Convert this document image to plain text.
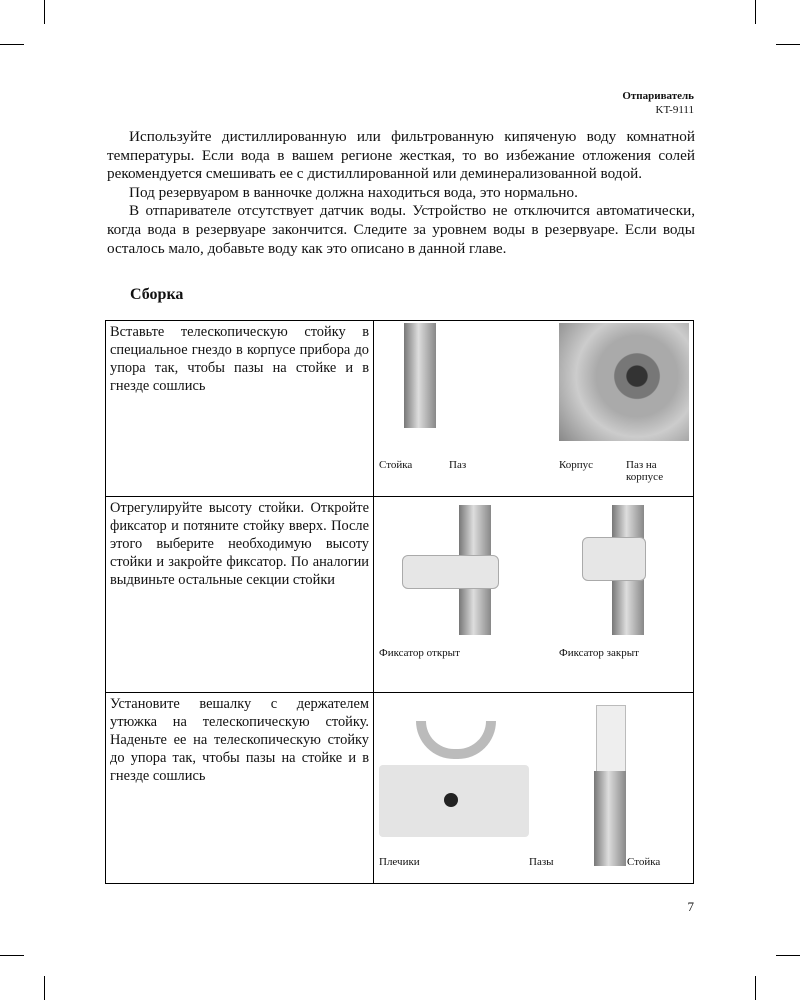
Отпариватель
KT-9111

Используйте дистиллированную или фильтрованную кипяченую воду комнатной температуры. Если вода в вашем регионе жесткая, то во избежание отложения солей рекомендуется смешивать ее с дистиллированной или деминерализованной водой.

Под резервуаром в ванночке должна находиться вода, это нормально.

В отпаривателе отсутствует датчик воды. Устройство не отключится автоматически, когда вода в резервуаре закончится. Следите за уровнем воды в резервуаре. Если воды осталось мало, добавьте воду как это описано в данной главе.

Сборка
Вставьте телескопическую стойку в специальное гнездо в корпусе прибора до упора так, чтобы пазы на стойке и в гнезде сошлись	Стойка Паз Корпус Паз на корпусе

Отрегулируйте высоту стойки. Откройте фиксатор и потяните стойку вверх. После этого выберите необходимую высоту стойки и закройте фиксатор. По аналогии выдвиньте остальные секции стойки	Фиксатор открыт Фиксатор закрыт

Установите вешалку с держателем утюжка на телескопическую стойку. Наденьте ее на телескопическую стойку до упора так, чтобы пазы на стойке и в гнезде сошлись	Плечики Пазы Стойка
7
